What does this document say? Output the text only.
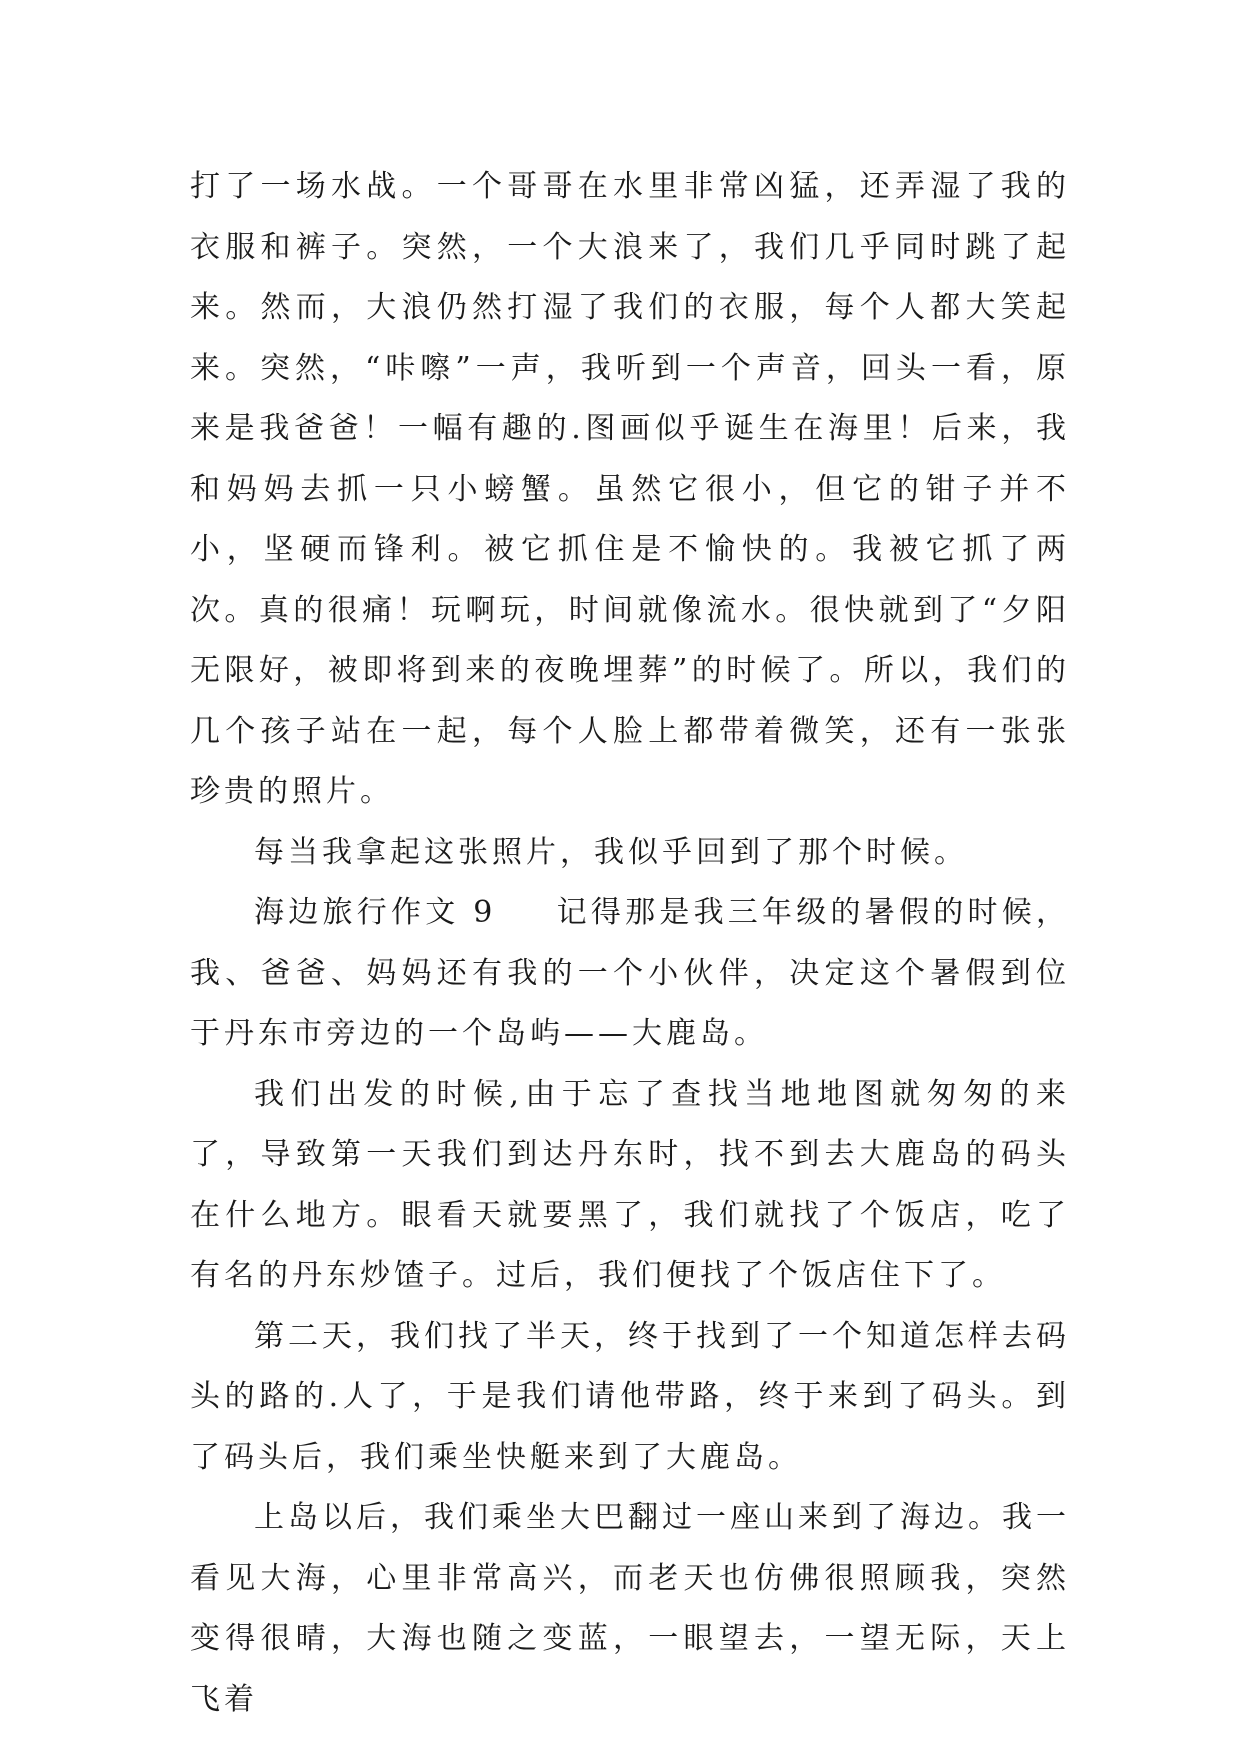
打了一场水战。一个哥哥在水里非常凶猛，还弄湿了我的衣服和裤子。突然，一个大浪来了，我们几乎同时跳了起来。然而，大浪仍然打湿了我们的衣服，每个人都大笑起来。突然，“咔嚓”一声，我听到一个声音，回头一看，原来是我爸爸！一幅有趣的.图画似乎诞生在海里！后来，我和妈妈去抓一只小螃蟹。虽然它很小，但它的钳子并不小，坚硬而锋利。被它抓住是不愉快的。我被它抓了两次。真的很痛！玩啊玩，时间就像流水。很快就到了“夕阳无限好，被即将到来的夜晚埋葬”的时候了。所以，我们的几个孩子站在一起，每个人脸上都带着微笑，还有一张张珍贵的照片。

每当我拿起这张照片，我似乎回到了那个时候。

海边旅行作文 9 记得那是我三年级的暑假的时候，我、爸爸、妈妈还有我的一个小伙伴，决定这个暑假到位于丹东市旁边的一个岛屿——大鹿岛。

我们出发的时候,由于忘了查找当地地图就匆匆的来了，导致第一天我们到达丹东时，找不到去大鹿岛的码头在什么地方。眼看天就要黑了，我们就找了个饭店，吃了有名的丹东炒馇子。过后，我们便找了个饭店住下了。

第二天，我们找了半天，终于找到了一个知道怎样去码头的路的.人了，于是我们请他带路，终于来到了码头。到了码头后，我们乘坐快艇来到了大鹿岛。

上岛以后，我们乘坐大巴翻过一座山来到了海边。我一看见大海，心里非常高兴，而老天也仿佛很照顾我，突然变得很晴，大海也随之变蓝，一眼望去，一望无际，天上飞着
